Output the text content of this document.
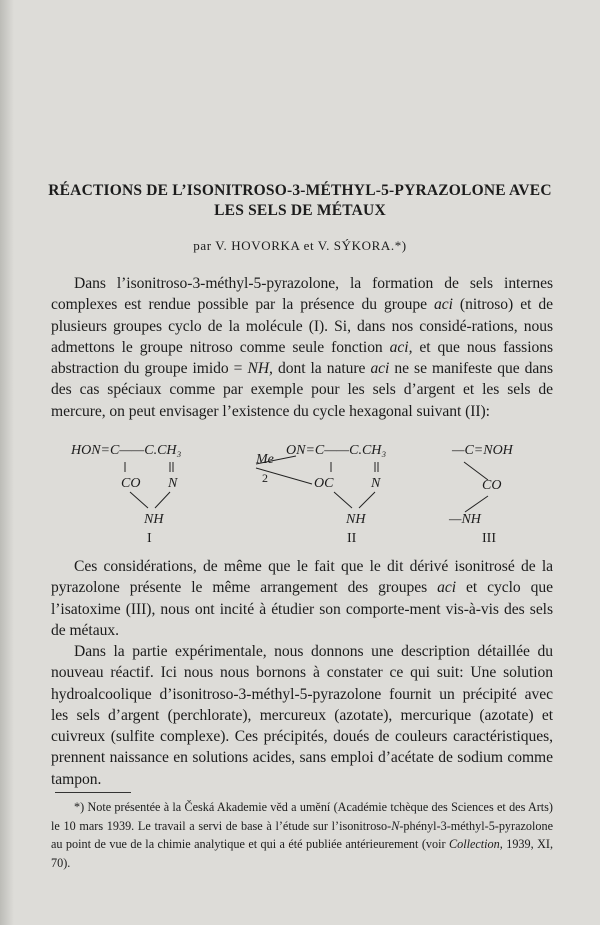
RÉACTIONS DE L’ISONITROSO-3-MÉTHYL-5-PYRAZOLONE AVEC
LES SELS DE MÉTAUX
par V. HOVORKA et V. SÝKORA.*)

Dans l’isonitroso-3-méthyl-5-pyrazolone, la formation de sels internes complexes est rendue possible par la présence du groupe aci (nitroso) et de plusieurs groupes cyclo de la molécule (I). Si, dans nos considé-rations, nous admettons le groupe nitroso comme seule fonction aci, et que nous fassions abstraction du groupe imido = NH, dont la nature aci ne se manifeste que dans des cas spéciaux comme par exemple pour les sels d’argent et les sels de mercure, on peut envisager l’existence du cycle hexagonal suivant (II):

HON=C——C.CH₃
CO N
NH
I
Me
2
ON=C——C.CH₃
OC	N
NH
II
—C=NOH
CO
—NH
III

Ces considérations, de même que le fait que le dit dérivé isonitrosé de la pyrazolone présente le même arrangement des groupes aci et cyclo que l’isatoxime (III), nous ont incité à étudier son comporte-ment vis-à-vis des sels de métaux.

Dans la partie expérimentale, nous donnons une description détaillée du nouveau réactif. Ici nous nous bornons à constater ce qui suit: Une solution hydroalcoolique d’isonitroso-3-méthyl-5-pyrazolone fournit un précipité avec les sels d’argent (perchlorate), mercureux (azotate), mercurique (azotate) et cuivreux (sulfite complexe). Ces précipités, doués de couleurs caractéristiques, prennent naissance en solutions acides, sans emploi d’acétate de sodium comme tampon.

*) Note présentée à la Česká Akademie věd a umění (Académie tchèque des Sciences et des Arts) le 10 mars 1939. Le travail a servi de base à l’étude sur l’isonitroso-N-phényl-3-méthyl-5-pyrazolone au point de vue de la chimie analytique et qui a été publiée antérieurement (voir Collection, 1939, XI, 70).
